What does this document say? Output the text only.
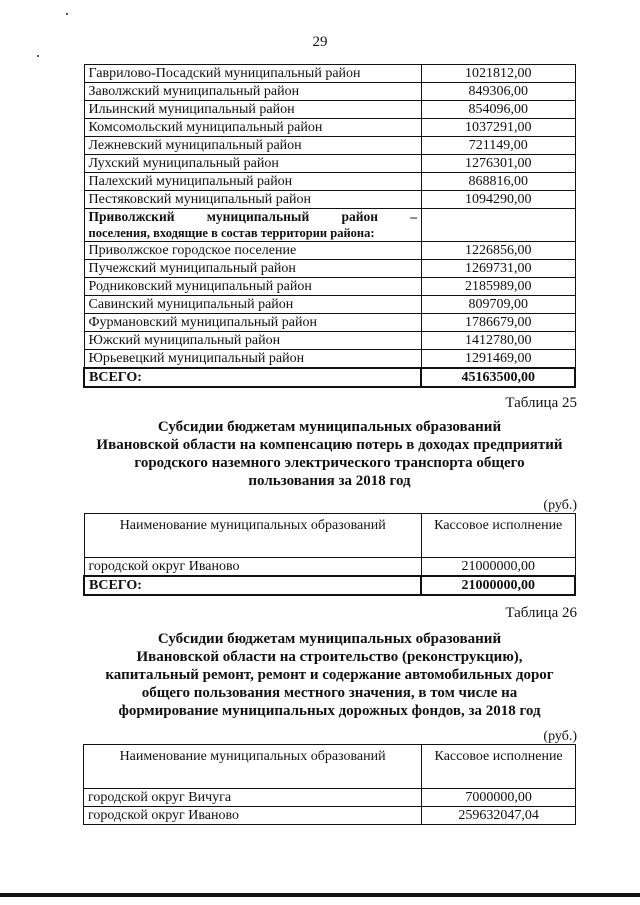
29
Гаврилово-Посадский муниципальный район	1021812,00
Заволжский муниципальный район	849306,00
Ильинский муниципальный район	854096,00
Комсомольский муниципальный район	1037291,00
Лежневский муниципальный район	721149,00
Лухский муниципальный район	1276301,00
Палехский муниципальный район	868816,00
Пестяковский муниципальный район	1094290,00

Приволжский муниципальный район –
поселения, входящие в состав территории района:	

Приволжское городское поселение	1226856,00
Пучежский муниципальный район	1269731,00
Родниковский муниципальный район	2185989,00
Савинский муниципальный район	809709,00
Фурмановский муниципальный район	1786679,00
Южский муниципальный район	1412780,00
Юрьевецкий муниципальный район	1291469,00
ВСЕГО:	45163500,00
Таблица 25
Субсидии бюджетам муниципальных образований
Ивановской области на компенсацию потерь в доходах предприятий
городского наземного электрического транспорта общего
пользования за 2018 год
(руб.)
Наименование муниципальных образований	Кассовое исполнение
городской округ Иваново	21000000,00
ВСЕГО:	21000000,00
Таблица 26
Субсидии бюджетам муниципальных образований
Ивановской области на строительство (реконструкцию),
капитальный ремонт, ремонт и содержание автомобильных дорог
общего пользования местного значения, в том числе на
формирование муниципальных дорожных фондов, за 2018 год
(руб.)
Наименование муниципальных образований	Кассовое исполнение
городской округ Вичуга	7000000,00
городской округ Иваново	259632047,04
